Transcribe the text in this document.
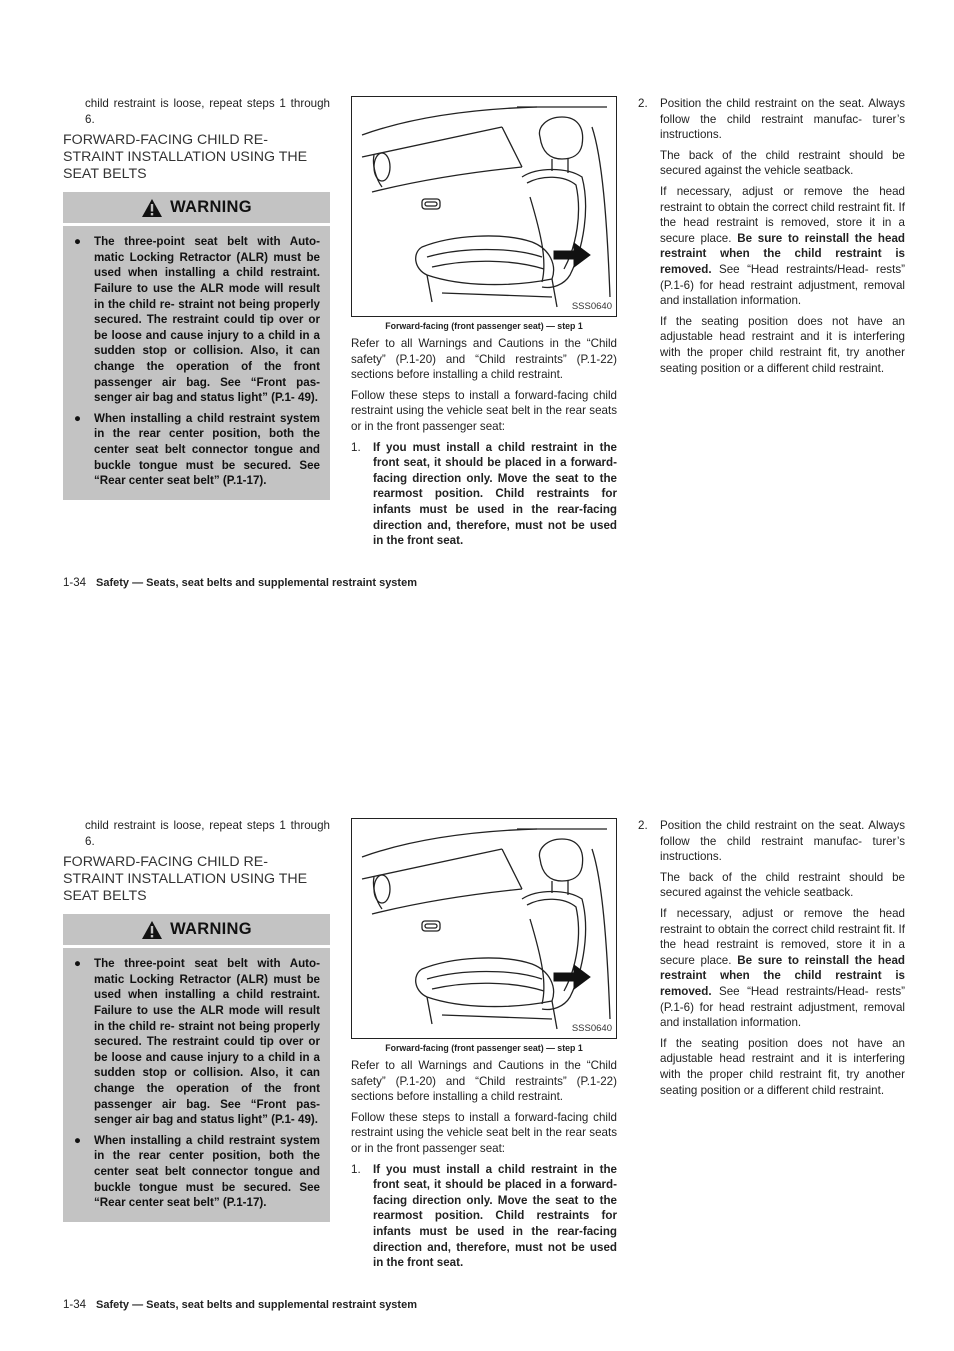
child restraint is loose, repeat steps 1 through 6.

FORWARD-FACING CHILD RE- STRAINT INSTALLATION USING THE SEAT BELTS
WARNING
● The three-point seat belt with Auto- matic Locking Retractor (ALR) must be used when installing a child restraint. Failure to use the ALR mode will result in the child re- straint not being properly secured. The restraint could tip over or be loose and cause injury to a child in a sudden stop or collision. Also, it can change the operation of the front passenger air bag. See “Front pas- senger air bag and status light” (P.1- 49).
● When installing a child restraint system in the rear center position, both the center seat belt connector tongue and buckle tongue must be secured. See “Rear center seat belt” (P.1-17).
SSS0640
Forward-facing (front passenger seat) — step 1

Refer to all Warnings and Cautions in the “Child safety” (P.1-20) and “Child restraints” (P.1-22) sections before installing a child restraint.

Follow these steps to install a forward-facing child restraint using the vehicle seat belt in the rear seats or in the front passenger seat:

1. If you must install a child restraint in the front seat, it should be placed in a forward-facing direction only. Move the seat to the rearmost position. Child restraints for infants must be used in the rear-facing direction and, therefore, must not be used in the front seat.
2. Position the child restraint on the seat. Always follow the child restraint manufac- turer’s instructions.

The back of the child restraint should be secured against the vehicle seatback.

If necessary, adjust or remove the head restraint to obtain the correct child restraint fit. If the head restraint is removed, store it in a secure place. Be sure to reinstall the head restraint when the child restraint is removed. See “Head restraints/Head- rests” (P.1-6) for head restraint adjustment, removal and installation information.

If the seating position does not have an adjustable head restraint and it is interfering with the proper child restraint fit, try another seating position or a different child restraint.

1-34 Safety — Seats, seat belts and supplemental restraint system

child restraint is loose, repeat steps 1 through 6.

FORWARD-FACING CHILD RE- STRAINT INSTALLATION USING THE SEAT BELTS
WARNING
● The three-point seat belt with Auto- matic Locking Retractor (ALR) must be used when installing a child restraint. Failure to use the ALR mode will result in the child re- straint not being properly secured. The restraint could tip over or be loose and cause injury to a child in a sudden stop or collision. Also, it can change the operation of the front passenger air bag. See “Front pas- senger air bag and status light” (P.1- 49).
● When installing a child restraint system in the rear center position, both the center seat belt connector tongue and buckle tongue must be secured. See “Rear center seat belt” (P.1-17).
SSS0640
Forward-facing (front passenger seat) — step 1

Refer to all Warnings and Cautions in the “Child safety” (P.1-20) and “Child restraints” (P.1-22) sections before installing a child restraint.

Follow these steps to install a forward-facing child restraint using the vehicle seat belt in the rear seats or in the front passenger seat:

1. If you must install a child restraint in the front seat, it should be placed in a forward-facing direction only. Move the seat to the rearmost position. Child restraints for infants must be used in the rear-facing direction and, therefore, must not be used in the front seat.
2. Position the child restraint on the seat. Always follow the child restraint manufac- turer’s instructions.

The back of the child restraint should be secured against the vehicle seatback.

If necessary, adjust or remove the head restraint to obtain the correct child restraint fit. If the head restraint is removed, store it in a secure place. Be sure to reinstall the head restraint when the child restraint is removed. See “Head restraints/Head- rests” (P.1-6) for head restraint adjustment, removal and installation information.

If the seating position does not have an adjustable head restraint and it is interfering with the proper child restraint fit, try another seating position or a different child restraint.

1-34 Safety — Seats, seat belts and supplemental restraint system
